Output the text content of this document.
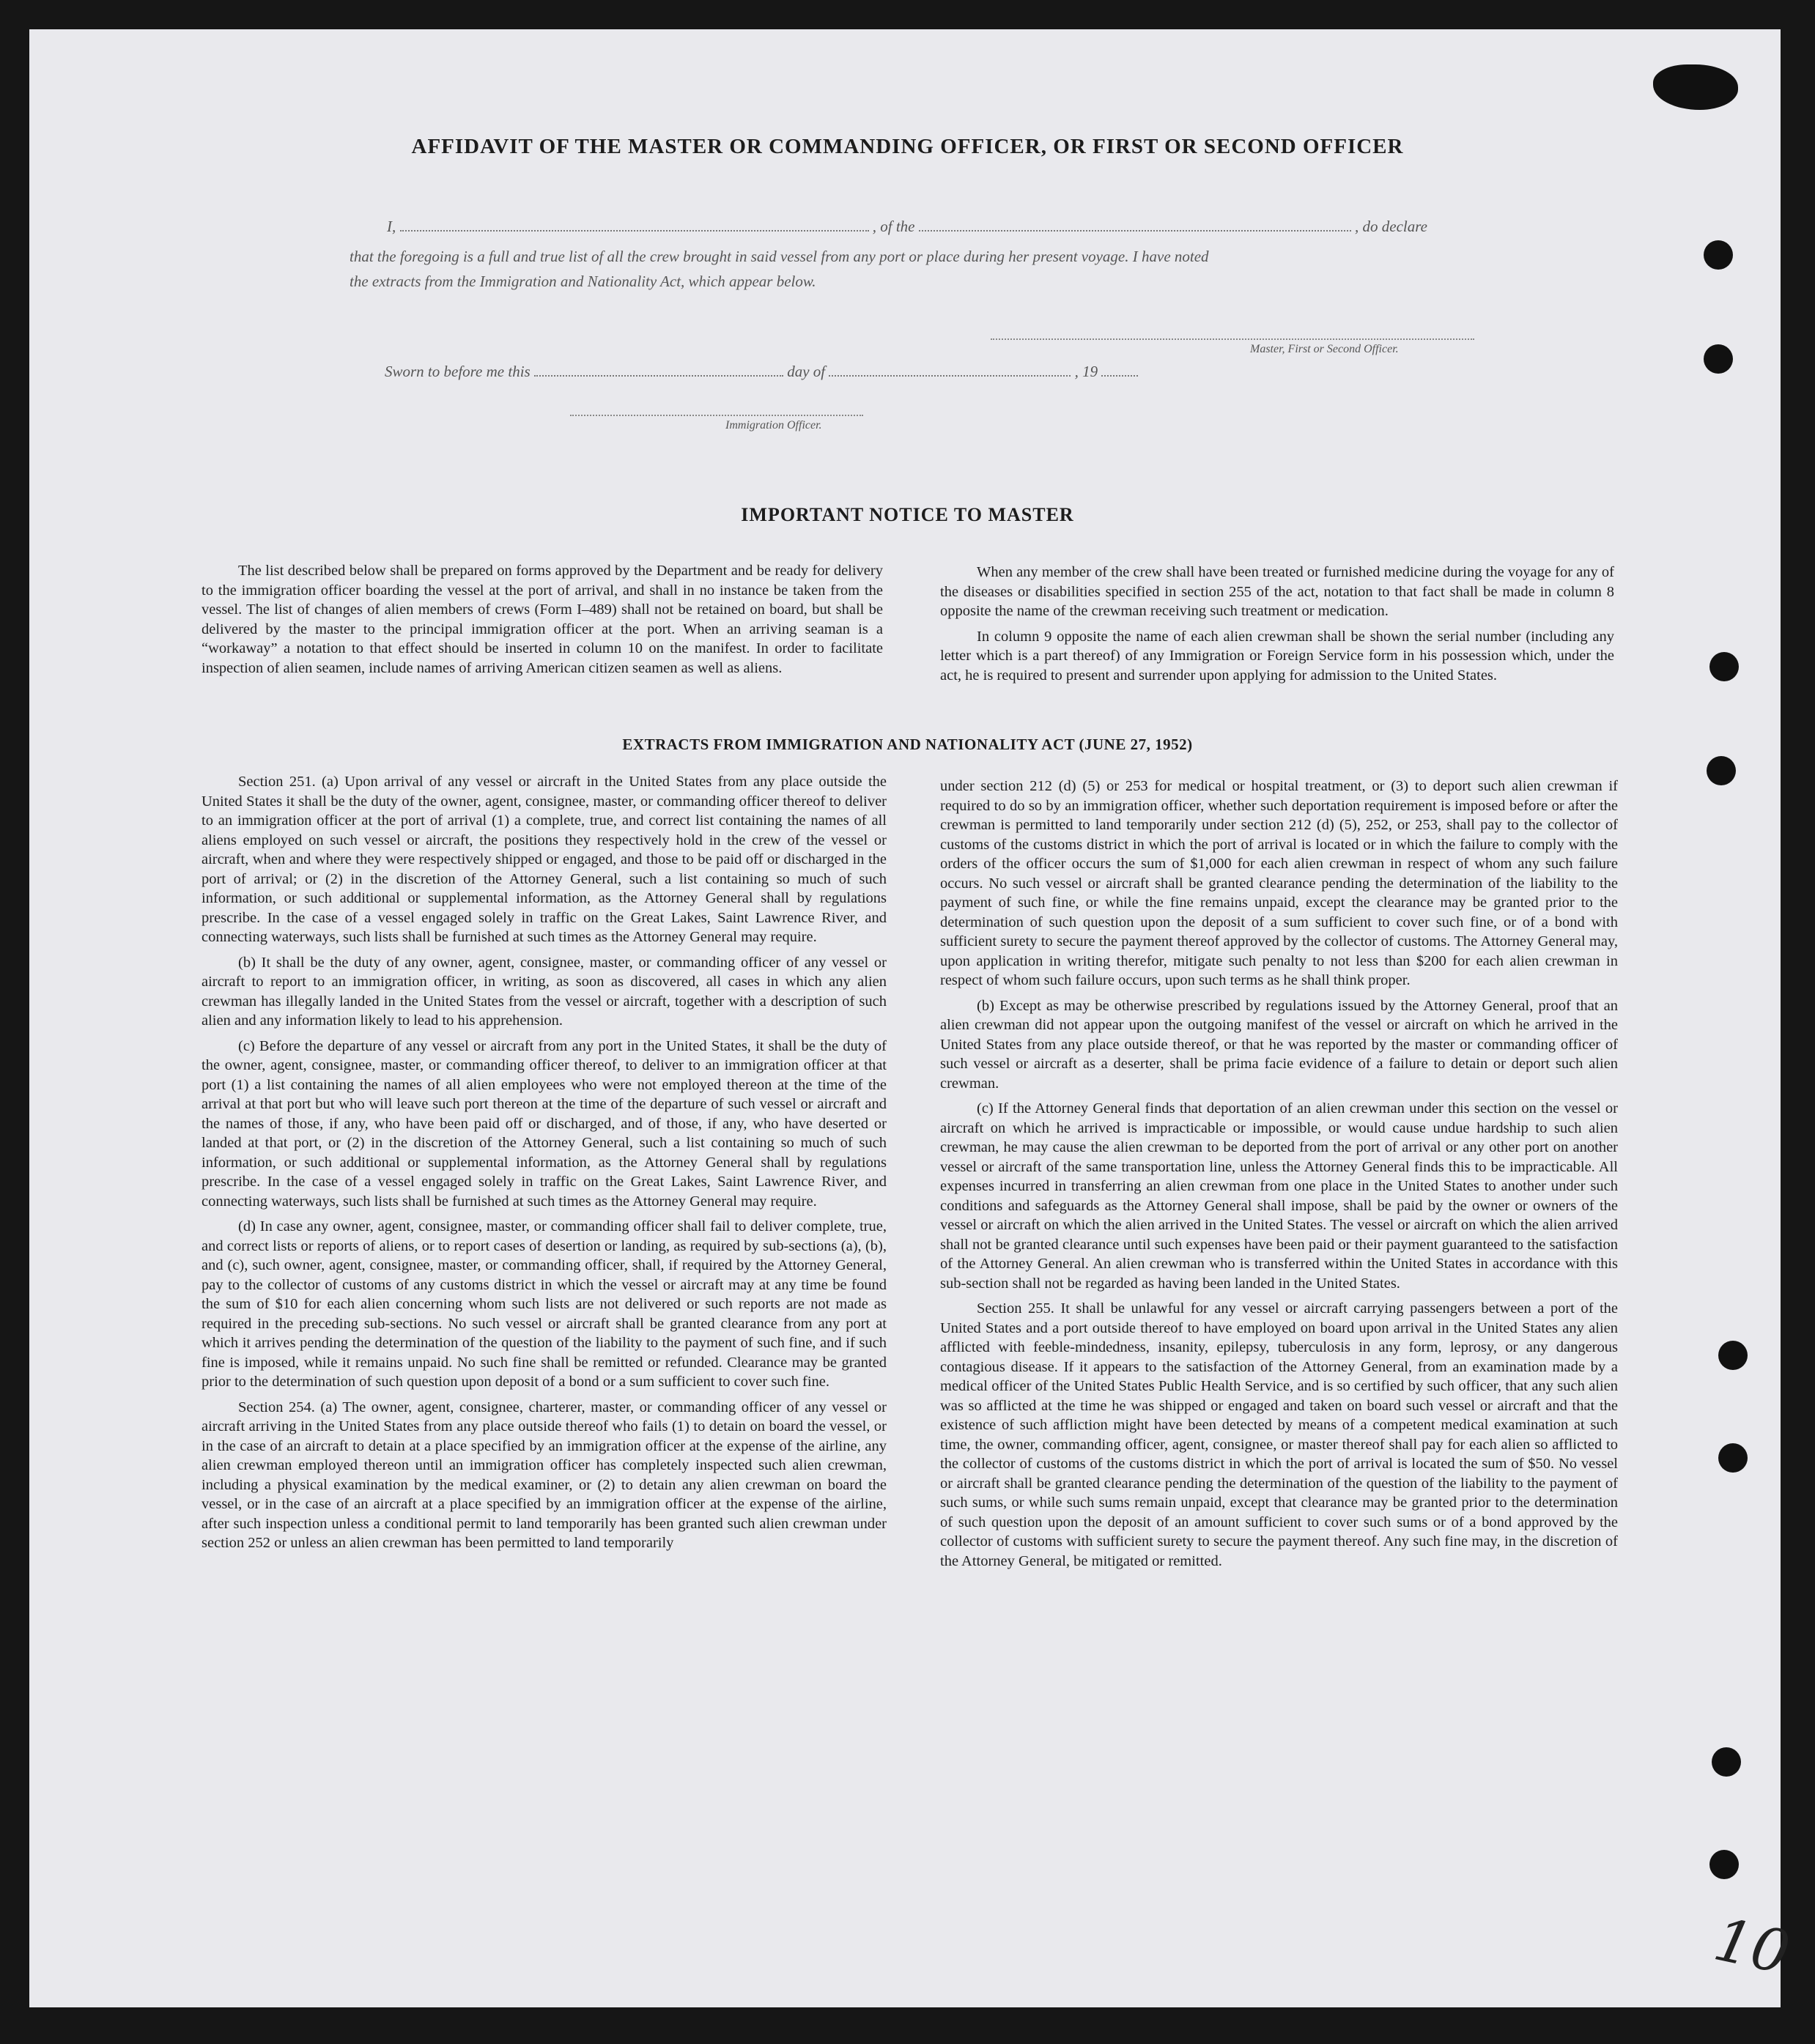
10
AFFIDAVIT OF THE MASTER OR COMMANDING OFFICER, OR FIRST OR SECOND OFFICER
I,	, of the	, do declare
that the foregoing is a full and true list of all the crew brought in said vessel from any port or place during her present voyage. I have noted
the extracts from the Immigration and Nationality Act, which appear below.
Master, First or Second Officer.
Sworn to before me this	day of	, 19
Immigration Officer.
IMPORTANT NOTICE TO MASTER

The list described below shall be prepared on forms approved by the Department and be ready for delivery to the immigration officer boarding the vessel at the port of arrival, and shall in no instance be taken from the vessel. The list of changes of alien members of crews (Form I–489) shall not be retained on board, but shall be delivered by the master to the principal immigration officer at the port. When an arriving seaman is a “workaway” a notation to that effect should be inserted in column 10 on the manifest. In order to facilitate inspection of alien seamen, include names of arriving American citizen seamen as well as aliens.

When any member of the crew shall have been treated or furnished medicine during the voyage for any of the diseases or disabilities specified in section 255 of the act, notation to that fact shall be made in column 8 opposite the name of the crewman receiving such treatment or medication.

In column 9 opposite the name of each alien crewman shall be shown the serial number (including any letter which is a part thereof) of any Immigration or Foreign Service form in his possession which, under the act, he is required to present and surrender upon applying for admission to the United States.

EXTRACTS FROM IMMIGRATION AND NATIONALITY ACT (JUNE 27, 1952)

Section 251. (a) Upon arrival of any vessel or aircraft in the United States from any place outside the United States it shall be the duty of the owner, agent, consignee, master, or commanding officer thereof to deliver to an immigration officer at the port of arrival (1) a complete, true, and correct list containing the names of all aliens employed on such vessel or aircraft, the positions they respectively hold in the crew of the vessel or aircraft, when and where they were respectively shipped or engaged, and those to be paid off or discharged in the port of arrival; or (2) in the discretion of the Attorney General, such a list containing so much of such information, or such additional or supplemental information, as the Attorney General shall by regulations prescribe. In the case of a vessel engaged solely in traffic on the Great Lakes, Saint Lawrence River, and connecting waterways, such lists shall be furnished at such times as the Attorney General may require.

(b) It shall be the duty of any owner, agent, consignee, master, or commanding officer of any vessel or aircraft to report to an immigration officer, in writing, as soon as discovered, all cases in which any alien crewman has illegally landed in the United States from the vessel or aircraft, together with a description of such alien and any information likely to lead to his apprehension.

(c) Before the departure of any vessel or aircraft from any port in the United States, it shall be the duty of the owner, agent, consignee, master, or commanding officer thereof, to deliver to an immigration officer at that port (1) a list containing the names of all alien employees who were not employed thereon at the time of the arrival at that port but who will leave such port thereon at the time of the departure of such vessel or aircraft and the names of those, if any, who have been paid off or discharged, and of those, if any, who have deserted or landed at that port, or (2) in the discretion of the Attorney General, such a list containing so much of such information, or such additional or supplemental information, as the Attorney General shall by regulations prescribe. In the case of a vessel engaged solely in traffic on the Great Lakes, Saint Lawrence River, and connecting waterways, such lists shall be furnished at such times as the Attorney General may require.

(d) In case any owner, agent, consignee, master, or commanding officer shall fail to deliver complete, true, and correct lists or reports of aliens, or to report cases of desertion or landing, as required by sub-sections (a), (b), and (c), such owner, agent, consignee, master, or commanding officer, shall, if required by the Attorney General, pay to the collector of customs of any customs district in which the vessel or aircraft may at any time be found the sum of $10 for each alien concerning whom such lists are not delivered or such reports are not made as required in the preceding sub-sections. No such vessel or aircraft shall be granted clearance from any port at which it arrives pending the determination of the question of the liability to the payment of such fine, and if such fine is imposed, while it remains unpaid. No such fine shall be remitted or refunded. Clearance may be granted prior to the determination of such question upon deposit of a bond or a sum sufficient to cover such fine.

Section 254. (a) The owner, agent, consignee, charterer, master, or commanding officer of any vessel or aircraft arriving in the United States from any place outside thereof who fails (1) to detain on board the vessel, or in the case of an aircraft to detain at a place specified by an immigration officer at the expense of the airline, any alien crewman employed thereon until an immigration officer has completely inspected such alien crewman, including a physical examination by the medical examiner, or (2) to detain any alien crewman on board the vessel, or in the case of an aircraft at a place specified by an immigration officer at the expense of the airline, after such inspection unless a conditional permit to land temporarily has been granted such alien crewman under section 252 or unless an alien crewman has been permitted to land temporarily

under section 212 (d) (5) or 253 for medical or hospital treatment, or (3) to deport such alien crewman if required to do so by an immigration officer, whether such deportation requirement is imposed before or after the crewman is permitted to land temporarily under section 212 (d) (5), 252, or 253, shall pay to the collector of customs of the customs district in which the port of arrival is located or in which the failure to comply with the orders of the officer occurs the sum of $1,000 for each alien crewman in respect of whom any such failure occurs. No such vessel or aircraft shall be granted clearance pending the determination of the liability to the payment of such fine, or while the fine remains unpaid, except the clearance may be granted prior to the determination of such question upon the deposit of a sum sufficient to cover such fine, or of a bond with sufficient surety to secure the payment thereof approved by the collector of customs. The Attorney General may, upon application in writing therefor, mitigate such penalty to not less than $200 for each alien crewman in respect of whom such failure occurs, upon such terms as he shall think proper.

(b) Except as may be otherwise prescribed by regulations issued by the Attorney General, proof that an alien crewman did not appear upon the outgoing manifest of the vessel or aircraft on which he arrived in the United States from any place outside thereof, or that he was reported by the master or commanding officer of such vessel or aircraft as a deserter, shall be prima facie evidence of a failure to detain or deport such alien crewman.

(c) If the Attorney General finds that deportation of an alien crewman under this section on the vessel or aircraft on which he arrived is impracticable or impossible, or would cause undue hardship to such alien crewman, he may cause the alien crewman to be deported from the port of arrival or any other port on another vessel or aircraft of the same transportation line, unless the Attorney General finds this to be impracticable. All expenses incurred in transferring an alien crewman from one place in the United States to another under such conditions and safeguards as the Attorney General shall impose, shall be paid by the owner or owners of the vessel or aircraft on which the alien arrived in the United States. The vessel or aircraft on which the alien arrived shall not be granted clearance until such expenses have been paid or their payment guaranteed to the satisfaction of the Attorney General. An alien crewman who is transferred within the United States in accordance with this sub-section shall not be regarded as having been landed in the United States.

Section 255. It shall be unlawful for any vessel or aircraft carrying passengers between a port of the United States and a port outside thereof to have employed on board upon arrival in the United States any alien afflicted with feeble-mindedness, insanity, epilepsy, tuberculosis in any form, leprosy, or any dangerous contagious disease. If it appears to the satisfaction of the Attorney General, from an examination made by a medical officer of the United States Public Health Service, and is so certified by such officer, that any such alien was so afflicted at the time he was shipped or engaged and taken on board such vessel or aircraft and that the existence of such affliction might have been detected by means of a competent medical examination at such time, the owner, commanding officer, agent, consignee, or master thereof shall pay for each alien so afflicted to the collector of customs of the customs district in which the port of arrival is located the sum of $50. No vessel or aircraft shall be granted clearance pending the determination of the question of the liability to the payment of such sums, or while such sums remain unpaid, except that clearance may be granted prior to the determination of such question upon the deposit of an amount sufficient to cover such sums or of a bond approved by the collector of customs with sufficient surety to secure the payment thereof. Any such fine may, in the discretion of the Attorney General, be mitigated or remitted.
